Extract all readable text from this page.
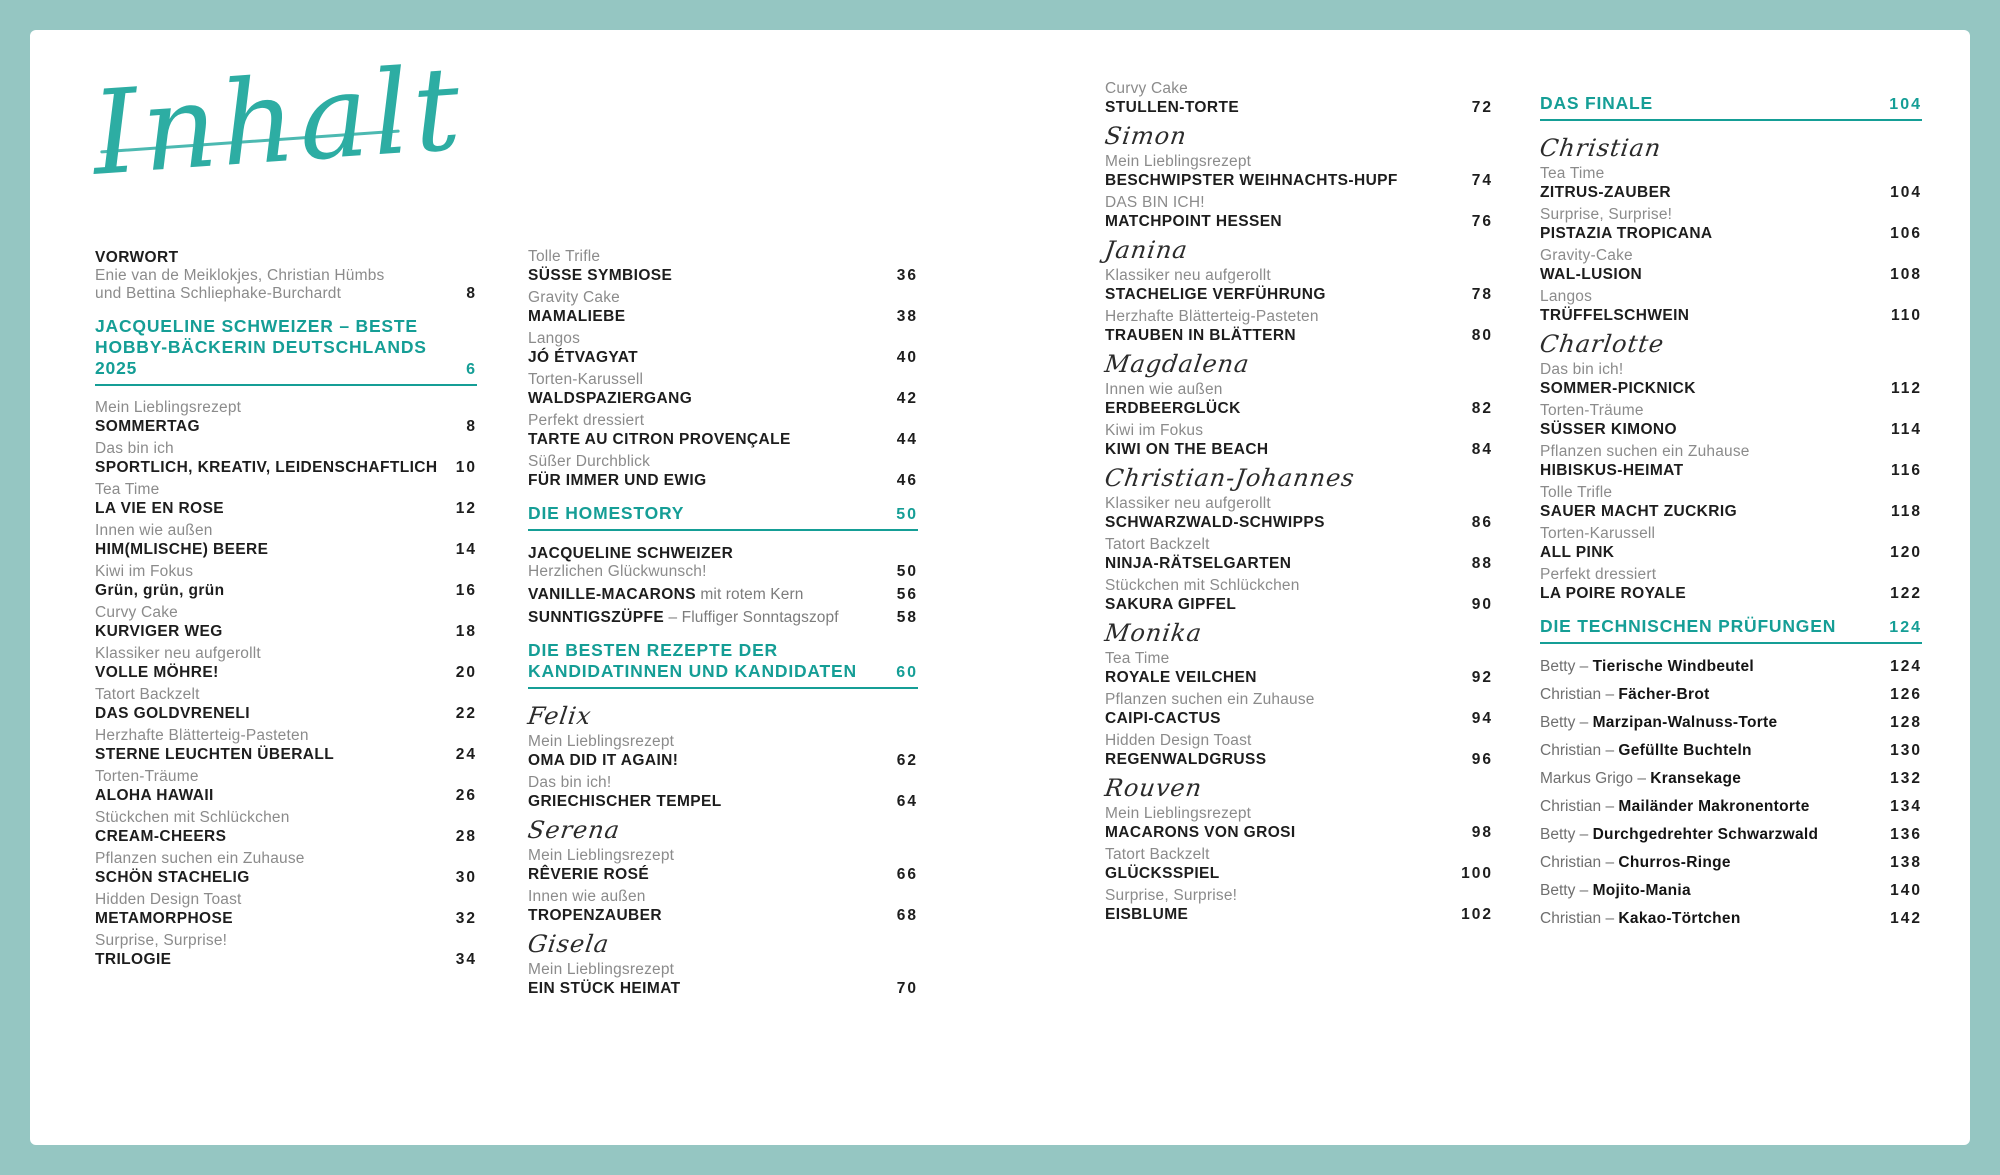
Inhalt
VORWORT
Enie van de Meiklokjes, Christian Hümbs
und Bettina Schliephake-Burchardt	8
JACQUELINE SCHWEIZER – BESTE HOBBY-BÄCKERIN DEUTSCHLANDS 2025	6
Mein Lieblingsrezept
SOMMERTAG	8
Das bin ich
SPORTLICH, KREATIV, LEIDENSCHAFTLICH	10
Tea Time
LA VIE EN ROSE	12
Innen wie außen
HIM(MLISCHE) BEERE	14
Kiwi im Fokus
Grün, grün, grün	16
Curvy Cake
KURVIGER WEG	18
Klassiker neu aufgerollt
VOLLE MÖHRE!	20
Tatort Backzelt
DAS GOLDVRENELI	22
Herzhafte Blätterteig-Pasteten
STERNE LEUCHTEN ÜBERALL	24
Torten-Träume
ALOHA HAWAII	26
Stückchen mit Schlückchen
CREAM-CHEERS	28
Pflanzen suchen ein Zuhause
SCHÖN STACHELIG	30
Hidden Design Toast
METAMORPHOSE	32
Surprise, Surprise!
TRILOGIE	34
Tolle Trifle
SÜSSE SYMBIOSE	36
Gravity Cake
MAMALIEBE	38
Langos
JÓ ÉTVAGYAT	40
Torten-Karussell
WALDSPAZIERGANG	42
Perfekt dressiert
TARTE AU CITRON PROVENÇALE	44
Süßer Durchblick
FÜR IMMER UND EWIG	46
DIE HOMESTORY	50
JACQUELINE SCHWEIZER
Herzlichen Glückwunsch!	50
VANILLE-MACARONS mit rotem Kern	56
SUNNTIGSZÜPFE – Fluffiger Sonntagszopf	58
DIE BESTEN REZEPTE DER KANDIDATINNEN UND KANDIDATEN	60
Felix
Mein Lieblingsrezept
OMA DID IT AGAIN!	62
Das bin ich!
GRIECHISCHER TEMPEL	64
Serena
Mein Lieblingsrezept
RÊVERIE ROSÉ	66
Innen wie außen
TROPENZAUBER	68
Gisela
Mein Lieblingsrezept
EIN STÜCK HEIMAT	70
Curvy Cake
STULLEN-TORTE	72
Simon
Mein Lieblingsrezept
BESCHWIPSTER WEIHNACHTS-HUPF	74
DAS BIN ICH!
MATCHPOINT HESSEN	76
Janina
Klassiker neu aufgerollt
STACHELIGE VERFÜHRUNG	78
Herzhafte Blätterteig-Pasteten
TRAUBEN IN BLÄTTERN	80
Magdalena
Innen wie außen
ERDBEERGLÜCK	82
Kiwi im Fokus
KIWI ON THE BEACH	84
Christian-Johannes
Klassiker neu aufgerollt
SCHWARZWALD-SCHWIPPS	86
Tatort Backzelt
NINJA-RÄTSELGARTEN	88
Stückchen mit Schlückchen
SAKURA GIPFEL	90
Monika
Tea Time
ROYALE VEILCHEN	92
Pflanzen suchen ein Zuhause
CAIPI-CACTUS	94
Hidden Design Toast
REGENWALDGRUSS	96
Rouven
Mein Lieblingsrezept
MACARONS VON GROSI	98
Tatort Backzelt
GLÜCKSSPIEL	100
Surprise, Surprise!
EISBLUME	102
DAS FINALE	104
Christian
Tea Time
ZITRUS-ZAUBER	104
Surprise, Surprise!
PISTAZIA TROPICANA	106
Gravity-Cake
WAL-LUSION	108
Langos
TRÜFFELSCHWEIN	110
Charlotte
Das bin ich!
SOMMER-PICKNICK	112
Torten-Träume
SÜSSER KIMONO	114
Pflanzen suchen ein Zuhause
HIBISKUS-HEIMAT	116
Tolle Trifle
SAUER MACHT ZUCKRIG	118
Torten-Karussell
ALL PINK	120
Perfekt dressiert
LA POIRE ROYALE	122
DIE TECHNISCHEN PRÜFUNGEN	124
Betty – Tierische Windbeutel	124
Christian – Fächer-Brot	126
Betty – Marzipan-Walnuss-Torte	128
Christian – Gefüllte Buchteln	130
Markus Grigo – Kransekage	132
Christian – Mailänder Makronentorte	134
Betty – Durchgedrehter Schwarzwald	136
Christian – Churros-Ringe	138
Betty – Mojito-Mania	140
Christian – Kakao-Törtchen	142
